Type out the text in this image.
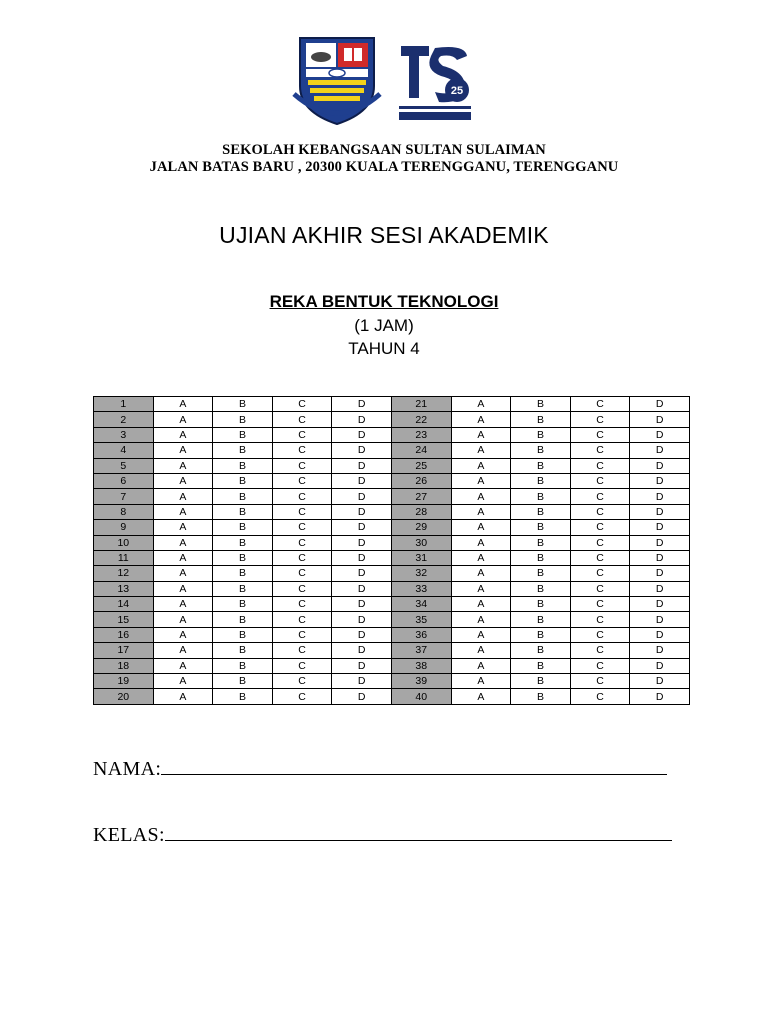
25
SEKOLAH KEBANGSAAN SULTAN SULAIMAN
JALAN BATAS BARU , 20300 KUALA TERENGGANU, TERENGGANU
UJIAN AKHIR SESI AKADEMIK
REKA BENTUK TEKNOLOGI
(1 JAM)
TAHUN 4
1	A	B	C	D	21	A	B	C	D
2	A	B	C	D	22	A	B	C	D
3	A	B	C	D	23	A	B	C	D
4	A	B	C	D	24	A	B	C	D
5	A	B	C	D	25	A	B	C	D
6	A	B	C	D	26	A	B	C	D
7	A	B	C	D	27	A	B	C	D
8	A	B	C	D	28	A	B	C	D
9	A	B	C	D	29	A	B	C	D
10	A	B	C	D	30	A	B	C	D
11	A	B	C	D	31	A	B	C	D
12	A	B	C	D	32	A	B	C	D
13	A	B	C	D	33	A	B	C	D
14	A	B	C	D	34	A	B	C	D
15	A	B	C	D	35	A	B	C	D
16	A	B	C	D	36	A	B	C	D
17	A	B	C	D	37	A	B	C	D
18	A	B	C	D	38	A	B	C	D
19	A	B	C	D	39	A	B	C	D
20	A	B	C	D	40	A	B	C	D
NAMA:
KELAS:
